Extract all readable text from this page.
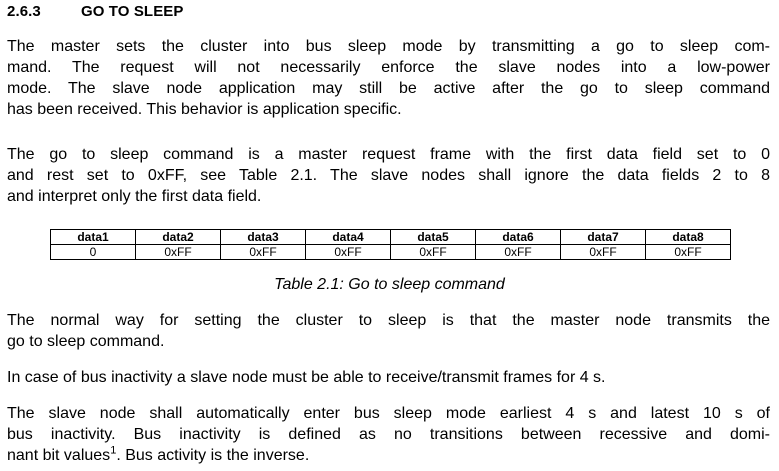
2.6.3	GO TO SLEEP
The master sets the cluster into bus sleep mode by transmitting a go to sleep com-
mand. The request will not necessarily enforce the slave nodes into a low-power
mode. The slave node application may still be active after the go to sleep command
has been received. This behavior is application specific.
The go to sleep command is a master request frame with the first data field set to 0
and rest set to 0xFF, see Table 2.1. The slave nodes shall ignore the data fields 2 to 8
and interpret only the first data field.
data1	data2	data3	data4	data5	data6	data7	data8
0	0xFF	0xFF	0xFF	0xFF	0xFF	0xFF	0xFF
Table 2.1: Go to sleep command
The normal way for setting the cluster to sleep is that the master node transmits the
go to sleep command.
In case of bus inactivity a slave node must be able to receive/transmit frames for 4 s.
The slave node shall automatically enter bus sleep mode earliest 4 s and latest 10 s of
bus inactivity. Bus inactivity is defined as no transitions between recessive and domi-
nant bit values$^1$. Bus activity is the inverse.
